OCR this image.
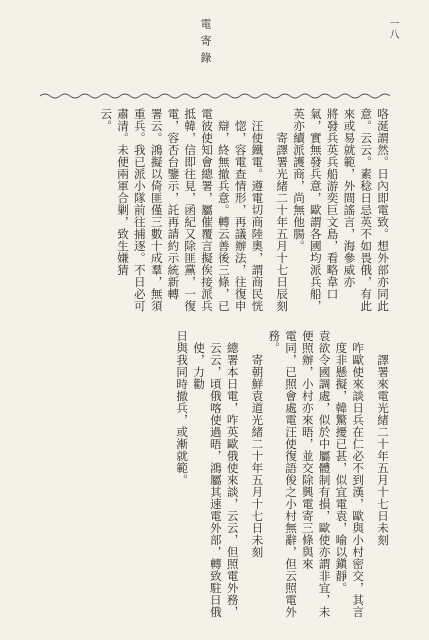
電寄錄	一八
咯涎謂然。日內即電致。想外部亦同此意。云云。素稔日忌英不如畏俄，有此來或易就範，外間謠言，海參威亦
將發兵英兵船游奕巨文島，看略韋口氣，實無發兵意，歐謂各國均派兵船，英亦續派護商，尚無他腸。
寄譯署光緒二十年五月十七日辰刻
汪使鐵電。遵電切商陸奧，謂商民恍惚，容電查情形，再議辦法，往復申辯，終無撤兵意。轉云善後三條，已
電彼使知會總署，屬催覆言擬俟接派兵抵韓，信即往見，函紀又除匪黨，一復電，容否台鑒示，託再請約示統新轉
署云。鴻擬以倚匪僅三數十成羣，無須重兵。我已派小隊前往捕逐。不日必可肅清。未便兩軍合剿，致生嫌猜
云。
譯署來電光緒二十年五月十七日未刻
咋歐使來談日兵在仁必不到漢，歐與小村密交，其言度非懸擬，韓驚擾已甚，似宜電袁，喻以鎭靜。
袁欲令國調處，似於中屬體制有損，歐使亦謂非宜，未便照辦，小村亦來晤，並交除興電寄三條與來
電同，已照會處電汪使復語俊之小村無辭，但云照電外務。
寄朝鮮袁道光緒二十年五月十七日未刻
總署本日電，咋英歐俄使來談，云云，但照電外務，云云，頃俄喀使過晤，鴻屬其速電外部，轉致駐日俄使，力勸
日與我同時撤兵，或漸就範。
